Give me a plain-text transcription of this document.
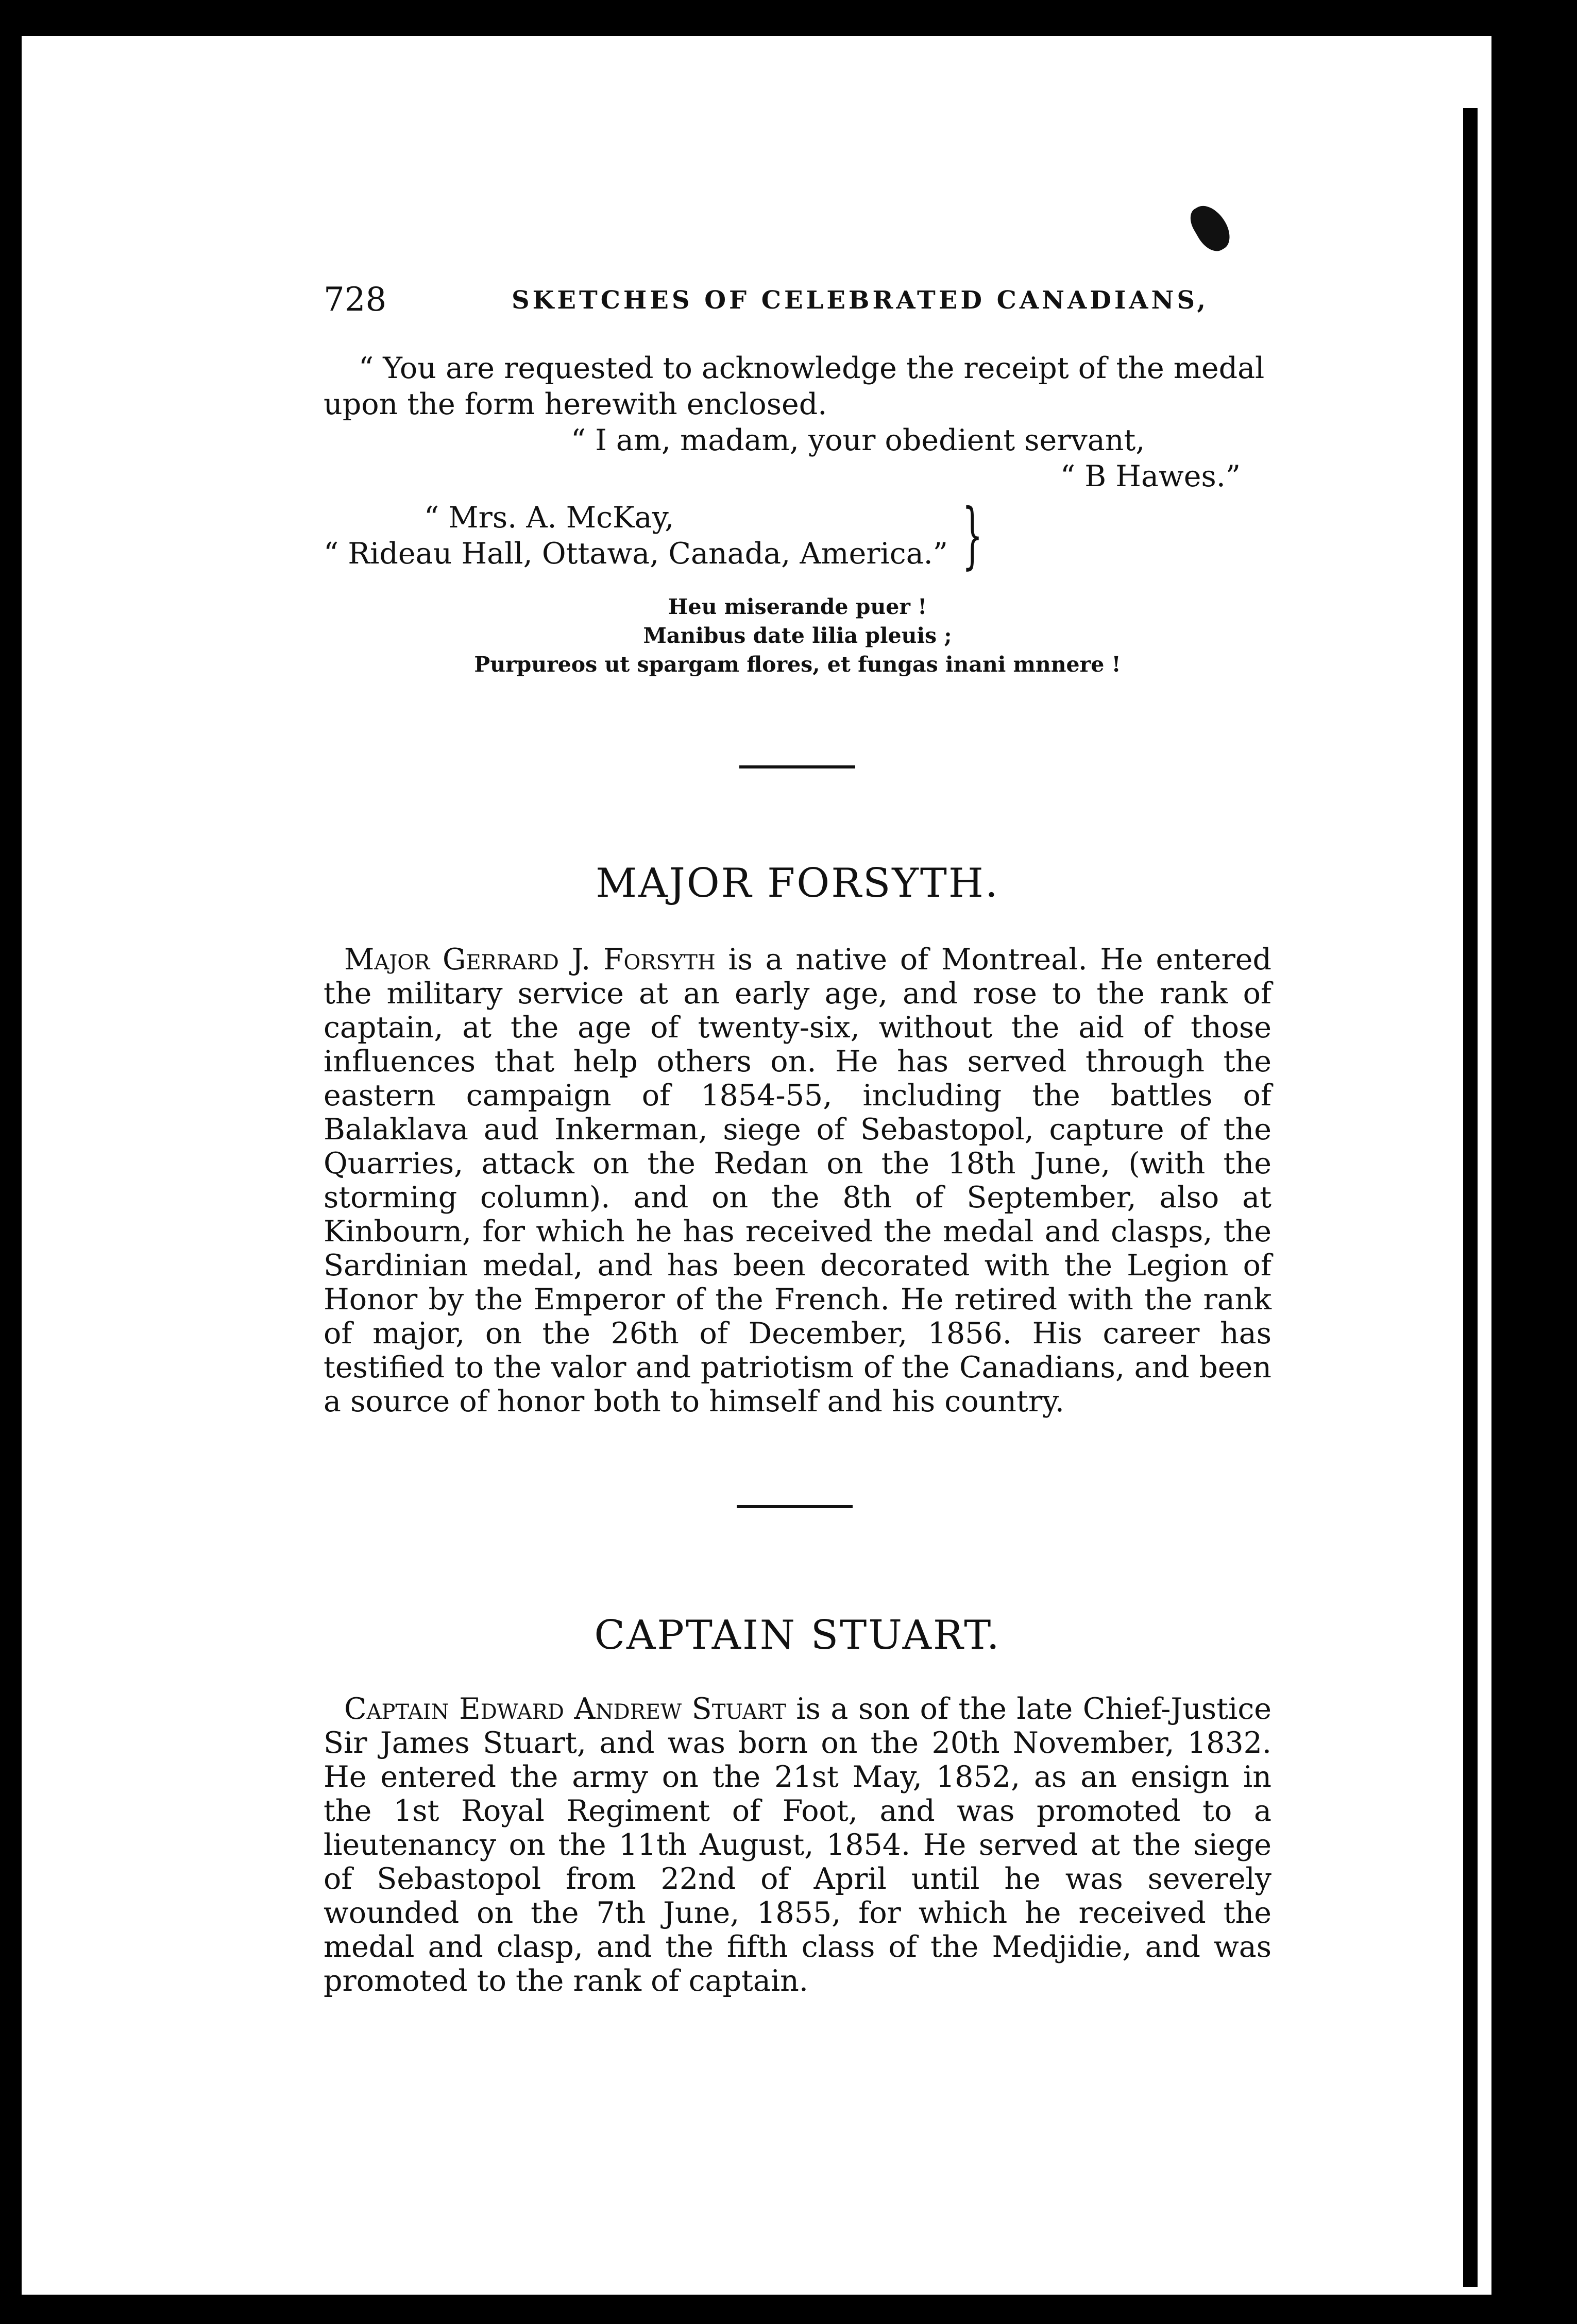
728	SKETCHES OF CELEBRATED CANADIANS,

“ You are requested to acknowledge the receipt of the medal upon the form herewith enclosed.

“ I am, madam, your obedient servant,

“ B Hawes.”

“ Mrs. A. McKay,

“ Rideau Hall, Ottawa, Canada, America.” }
Heu miserande puer !
Manibus date lilia pleuis ;
Purpureos ut spargam flores, et fungas inani mnnere !
MAJOR FORSYTH.

Major Gerrard J. Forsyth is a native of Montreal. He entered the military service at an early age, and rose to the rank of captain, at the age of twenty-six, without the aid of those influences that help others on. He has served through the eastern campaign of 1854-55, including the battles of Balaklava aud Inkerman, siege of Sebastopol, capture of the Quarries, attack on the Redan on the 18th June, (with the storming column). and on the 8th of September, also at Kinbourn, for which he has received the medal and clasps, the Sardinian medal, and has been decorated with the Legion of Honor by the Emperor of the French. He retired with the rank of major, on the 26th of December, 1856. His career has testified to the valor and patriotism of the Canadians, and been a source of honor both to himself and his country.

CAPTAIN STUART.

Captain Edward Andrew Stuart is a son of the late Chief-Justice Sir James Stuart, and was born on the 20th November, 1832. He entered the army on the 21st May, 1852, as an ensign in the 1st Royal Regiment of Foot, and was promoted to a lieutenancy on the 11th August, 1854. He served at the siege of Sebastopol from 22nd of April until he was severely wounded on the 7th June, 1855, for which he received the medal and clasp, and the fifth class of the Medjidie, and was promoted to the rank of captain.
